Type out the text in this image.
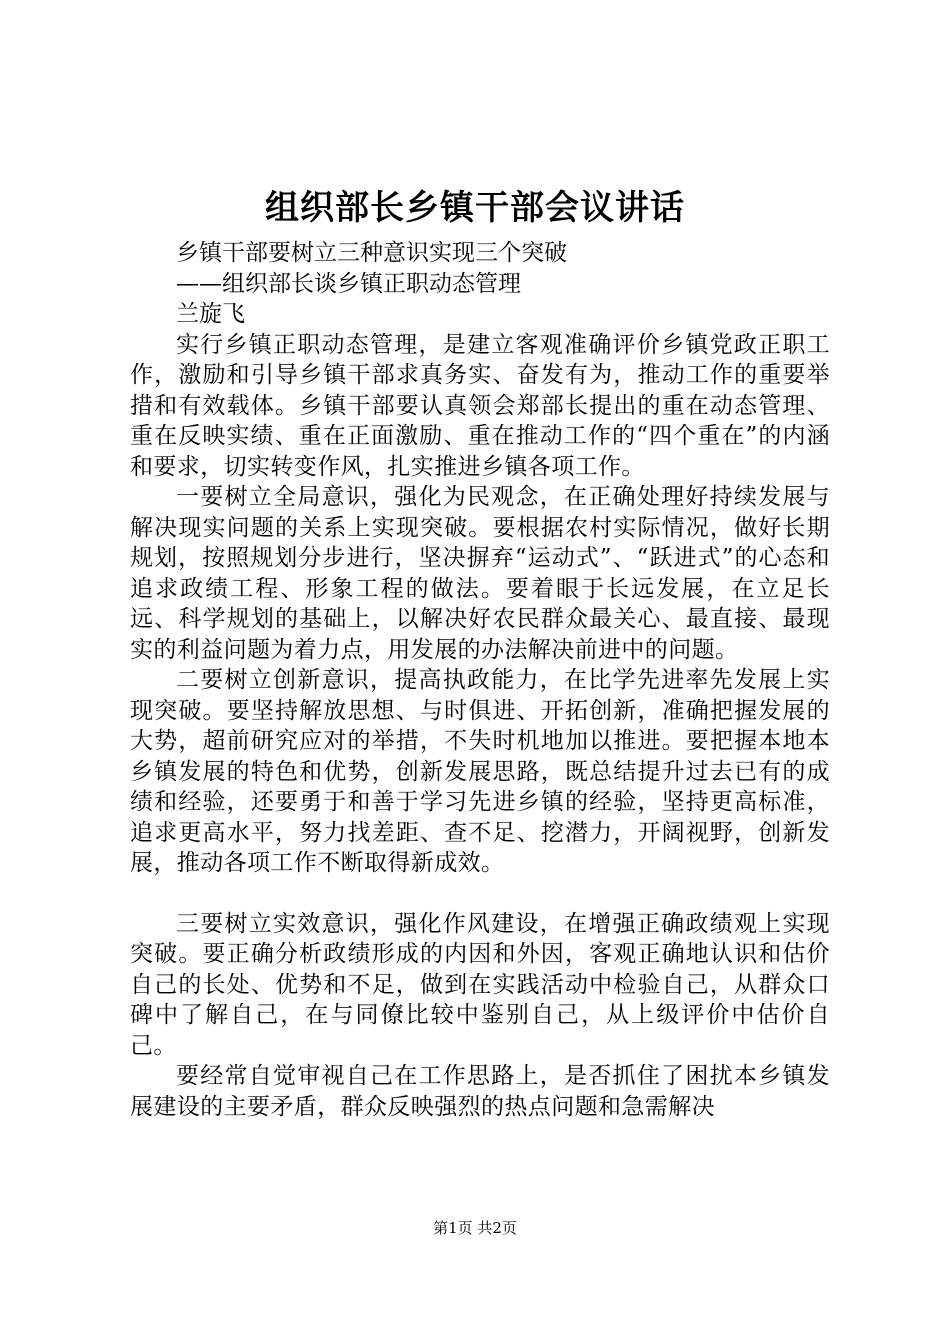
组织部长乡镇干部会议讲话

乡镇干部要树立三种意识实现三个突破

——组织部长谈乡镇正职动态管理

兰旋飞

实行乡镇正职动态管理，是建立客观准确评价乡镇党政正职工作，激励和引导乡镇干部求真务实、奋发有为，推动工作的重要举措和有效载体。乡镇干部要认真领会郑部长提出的重在动态管理、重在反映实绩、重在正面激励、重在推动工作的“四个重在”的内涵和要求，切实转变作风，扎实推进乡镇各项工作。

一要树立全局意识，强化为民观念，在正确处理好持续发展与解决现实问题的关系上实现突破。要根据农村实际情况，做好长期规划，按照规划分步进行，坚决摒弃“运动式”、“跃进式”的心态和追求政绩工程、形象工程的做法。要着眼于长远发展，在立足长远、科学规划的基础上，以解决好农民群众最关心、最直接、最现实的利益问题为着力点，用发展的办法解决前进中的问题。

二要树立创新意识，提高执政能力，在比学先进率先发展上实现突破。要坚持解放思想、与时俱进、开拓创新，准确把握发展的大势，超前研究应对的举措，不失时机地加以推进。要把握本地本乡镇发展的特色和优势，创新发展思路，既总结提升过去已有的成绩和经验，还要勇于和善于学习先进乡镇的经验，坚持更高标准，追求更高水平，努力找差距、查不足、挖潜力，开阔视野，创新发展，推动各项工作不断取得新成效。

三要树立实效意识，强化作风建设，在增强正确政绩观上实现突破。要正确分析政绩形成的内因和外因，客观正确地认识和估价自己的长处、优势和不足，做到在实践活动中检验自己，从群众口碑中了解自己，在与同僚比较中鉴别自己，从上级评价中估价自己。

要经常自觉审视自己在工作思路上，是否抓住了困扰本乡镇发展建设的主要矛盾，群众反映强烈的热点问题和急需解决

第1页 共2页
